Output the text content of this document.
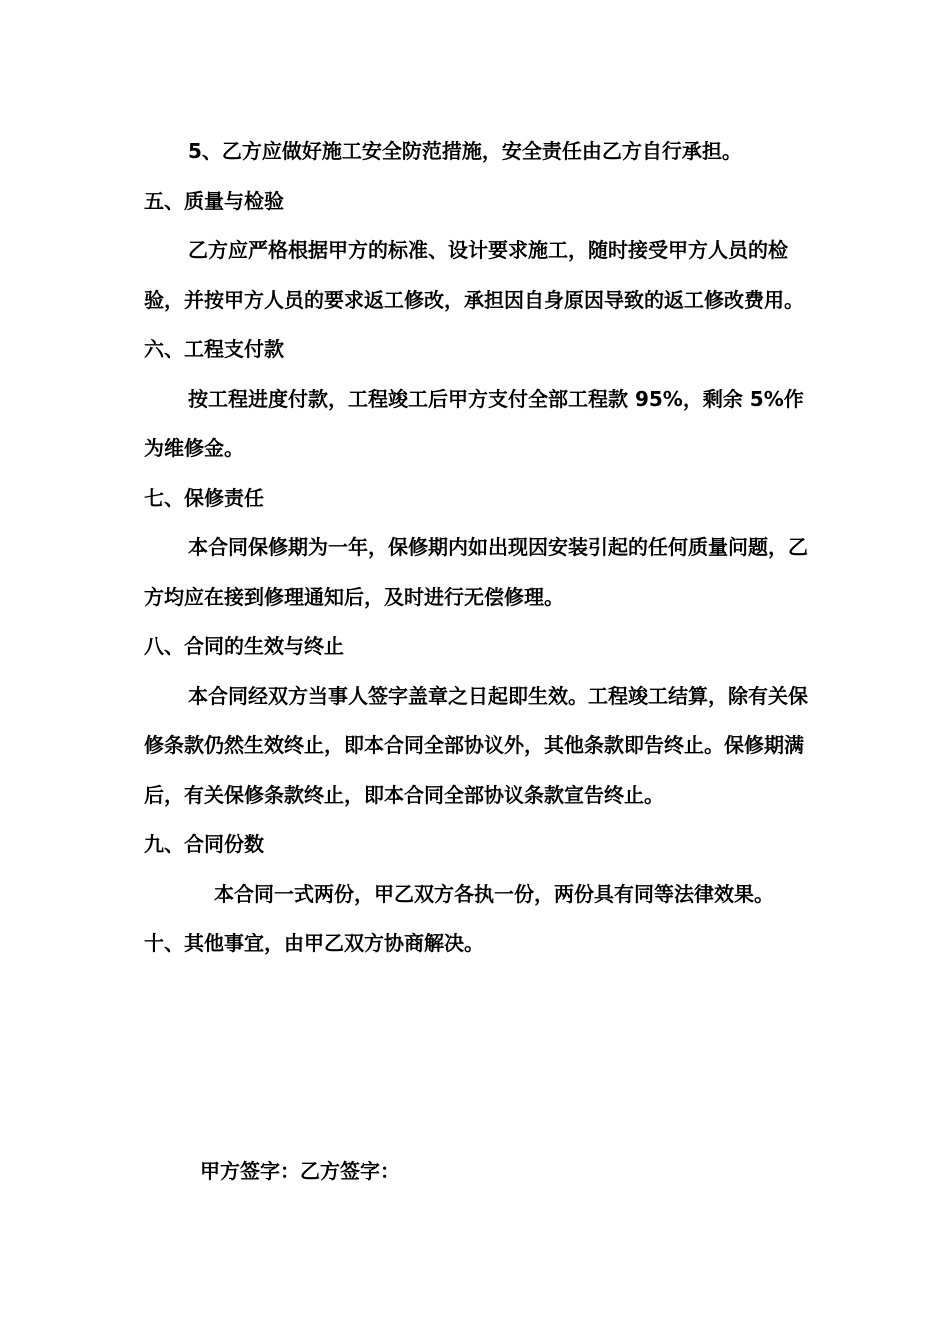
5、乙方应做好施工安全防范措施，安全责任由乙方自行承担。

五、质量与检验

乙方应严格根据甲方的标准、设计要求施工，随时接受甲方人员的检验，并按甲方人员的要求返工修改，承担因自身原因导致的返工修改费用。

六、工程支付款

按工程进度付款，工程竣工后甲方支付全部工程款 95%，剩余 5%作为维修金。

七、保修责任

本合同保修期为一年，保修期内如出现因安装引起的任何质量问题，乙方均应在接到修理通知后，及时进行无偿修理。

八、合同的生效与终止

本合同经双方当事人签字盖章之日起即生效。工程竣工结算，除有关保修条款仍然生效终止，即本合同全部协议外，其他条款即告终止。保修期满后，有关保修条款终止，即本合同全部协议条款宣告终止。

九、合同份数

本合同一式两份，甲乙双方各执一份，两份具有同等法律效果。

十、其他事宜，由甲乙双方协商解决。

甲方签字：乙方签字：
